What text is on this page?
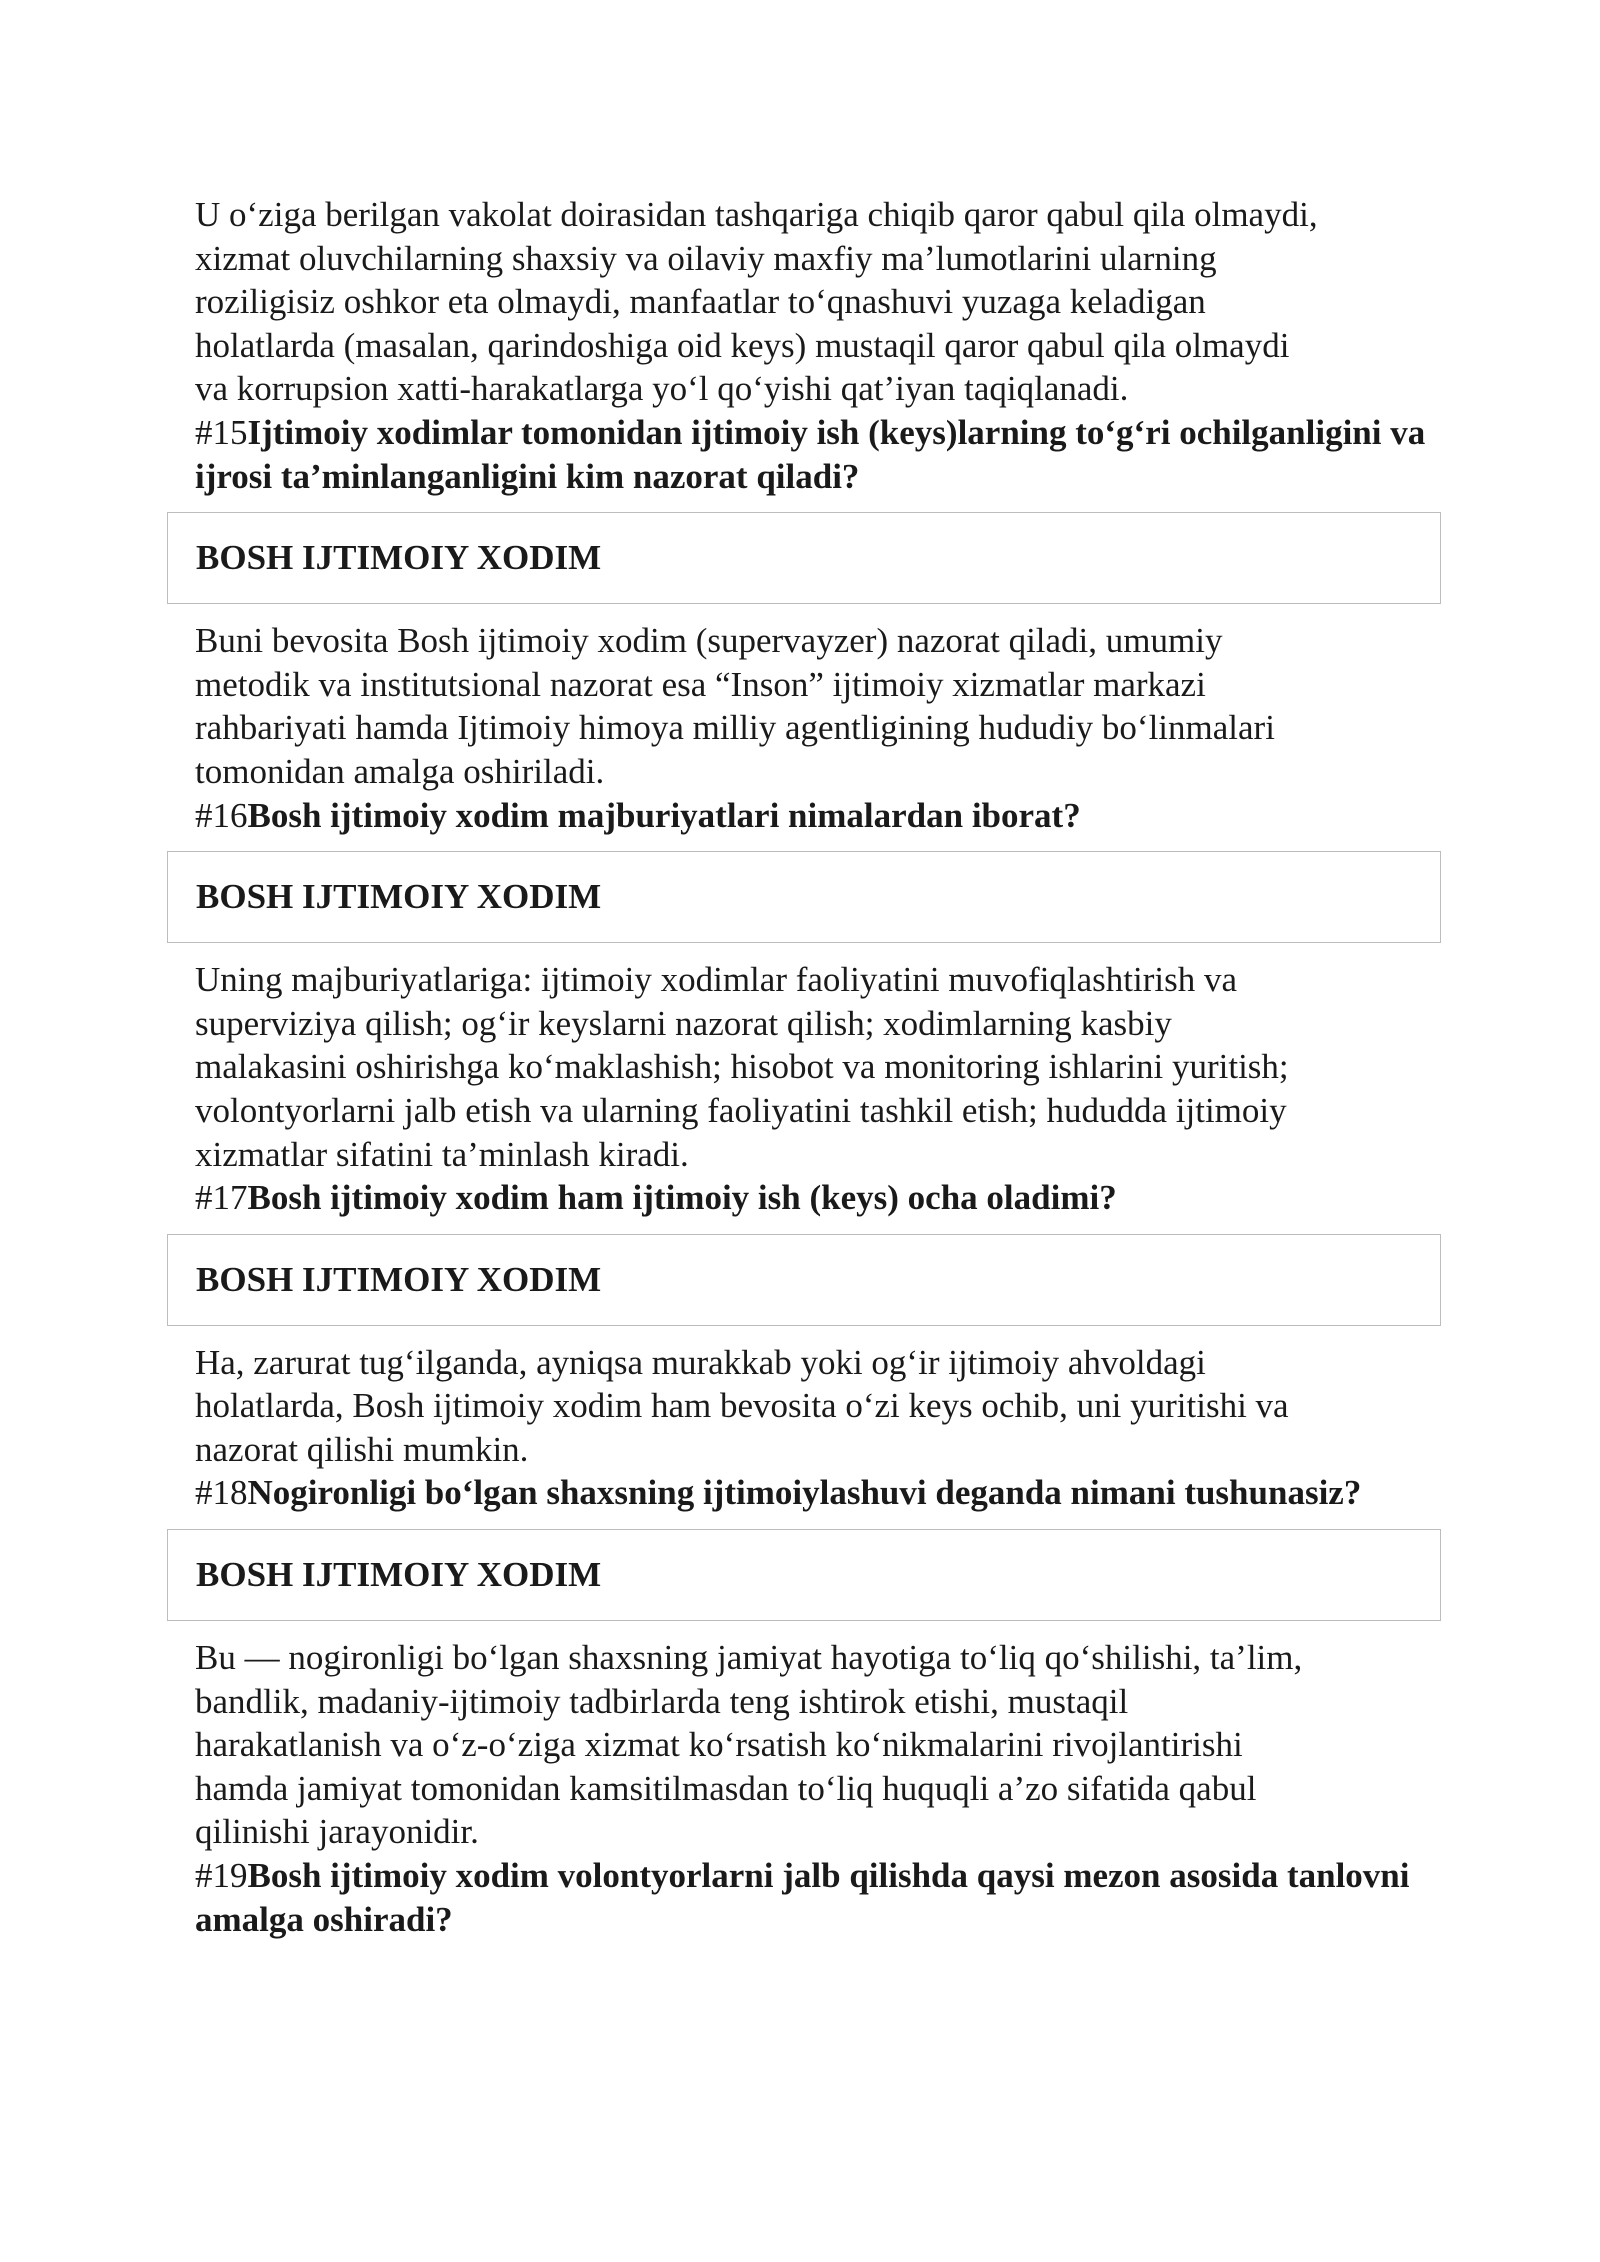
U o‘ziga berilgan vakolat doirasidan tashqariga chiqib qaror qabul qila olmaydi,
xizmat oluvchilarning shaxsiy va oilaviy maxfiy ma’lumotlarini ularning
roziligisiz oshkor eta olmaydi, manfaatlar to‘qnashuvi yuzaga keladigan
holatlarda (masalan, qarindoshiga oid keys) mustaqil qaror qabul qila olmaydi
va korrupsion xatti-harakatlarga yo‘l qo‘yishi qat’iyan taqiqlanadi.

#15Ijtimoiy xodimlar tomonidan ijtimoiy ish (keys)larning to‘g‘ri ochilganligini va ijrosi ta’minlanganligini kim nazorat qiladi?

BOSH IJTIMOIY XODIM

Buni bevosita Bosh ijtimoiy xodim (supervayzer) nazorat qiladi, umumiy
metodik va institutsional nazorat esa “Inson” ijtimoiy xizmatlar markazi
rahbariyati hamda Ijtimoiy himoya milliy agentligining hududiy bo‘linmalari
tomonidan amalga oshiriladi.

#16Bosh ijtimoiy xodim majburiyatlari nimalardan iborat?

BOSH IJTIMOIY XODIM

Uning majburiyatlariga: ijtimoiy xodimlar faoliyatini muvofiqlashtirish va
superviziya qilish; og‘ir keyslarni nazorat qilish; xodimlarning kasbiy
malakasini oshirishga ko‘maklashish; hisobot va monitoring ishlarini yuritish;
volontyorlarni jalb etish va ularning faoliyatini tashkil etish; hududda ijtimoiy
xizmatlar sifatini ta’minlash kiradi.

#17Bosh ijtimoiy xodim ham ijtimoiy ish (keys) ocha oladimi?

BOSH IJTIMOIY XODIM

Ha, zarurat tug‘ilganda, ayniqsa murakkab yoki og‘ir ijtimoiy ahvoldagi
holatlarda, Bosh ijtimoiy xodim ham bevosita o‘zi keys ochib, uni yuritishi va
nazorat qilishi mumkin.

#18Nogironligi bo‘lgan shaxsning ijtimoiylashuvi deganda nimani tushunasiz?

BOSH IJTIMOIY XODIM

Bu — nogironligi bo‘lgan shaxsning jamiyat hayotiga to‘liq qo‘shilishi, ta’lim,
bandlik, madaniy-ijtimoiy tadbirlarda teng ishtirok etishi, mustaqil
harakatlanish va o‘z-o‘ziga xizmat ko‘rsatish ko‘nikmalarini rivojlantirishi
hamda jamiyat tomonidan kamsitilmasdan to‘liq huquqli a’zo sifatida qabul
qilinishi jarayonidir.

#19Bosh ijtimoiy xodim volontyorlarni jalb qilishda qaysi mezon asosida tanlovni amalga oshiradi?
